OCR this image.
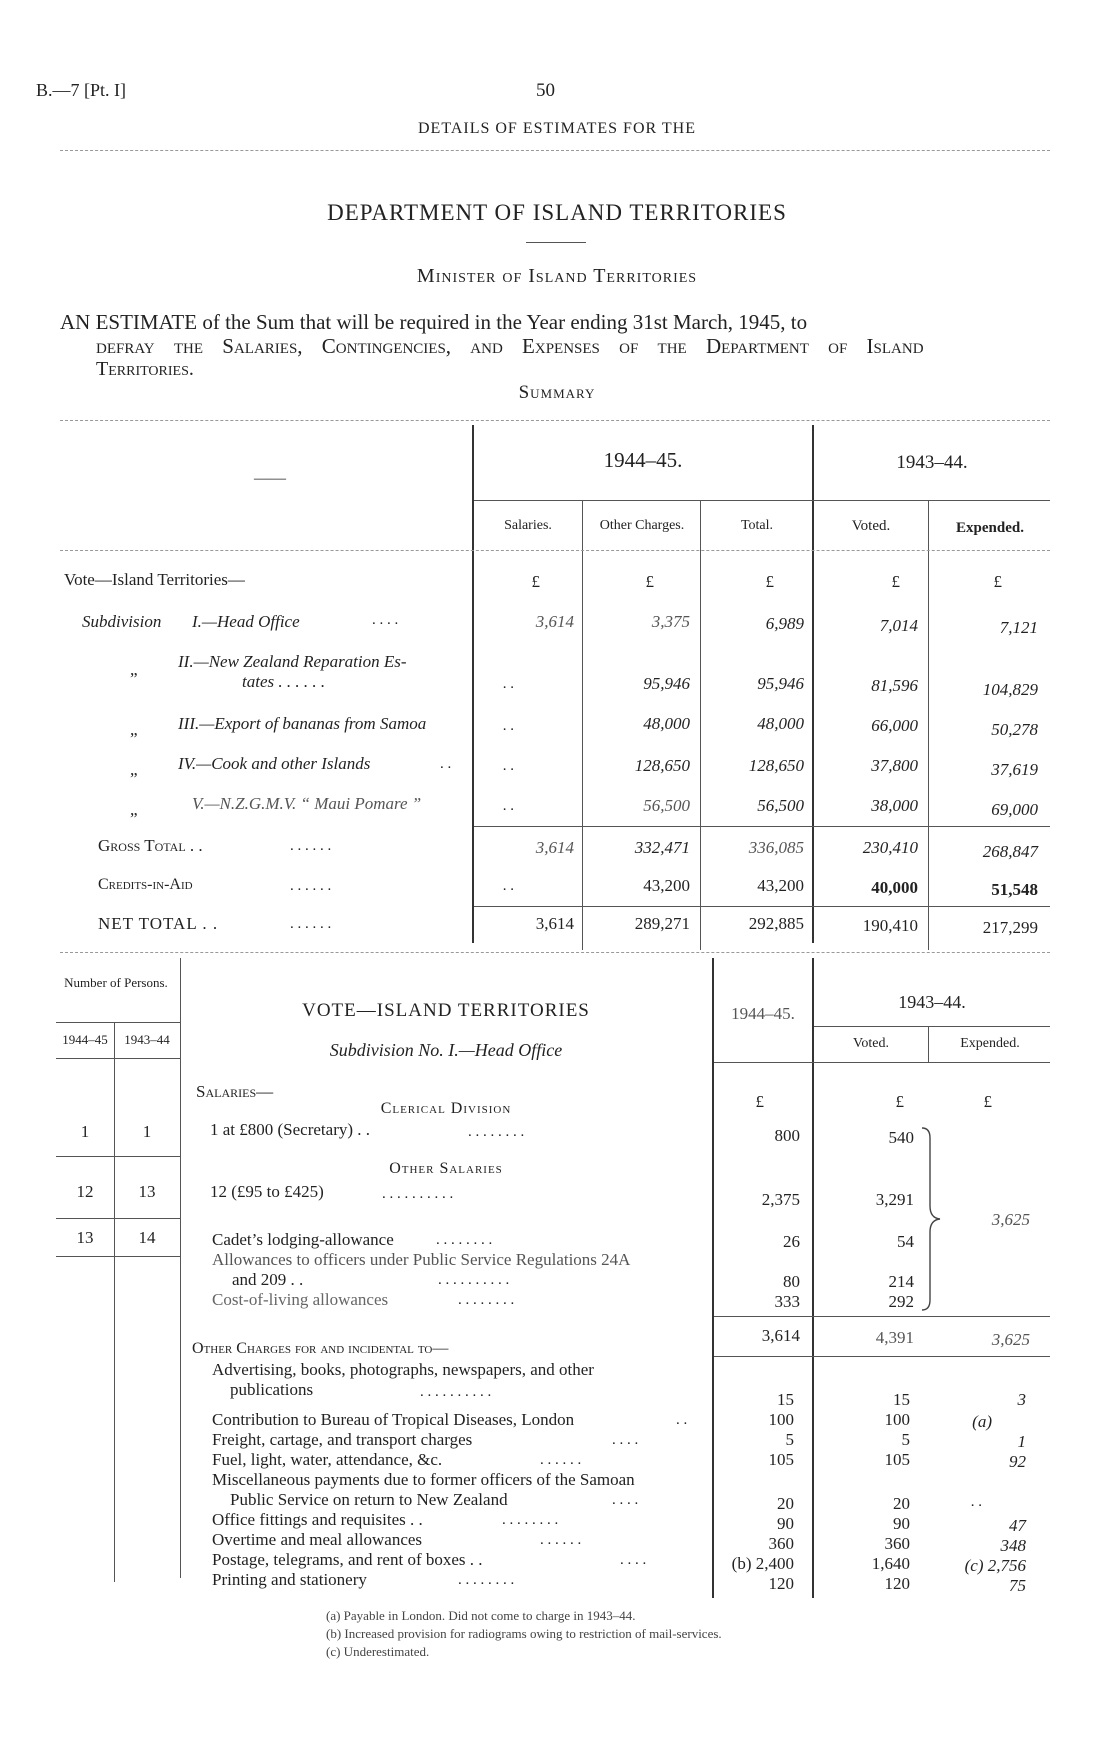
B.—7 [Pt. I]	50
DETAILS OF ESTIMATES FOR THE
DEPARTMENT OF ISLAND TERRITORIES
Minister of Island Territories
AN ESTIMATE of the Sum that will be required in the Year ending 31st March, 1945, to
defray the Salaries, Contingencies, and Expenses of the Department of Island
Territories.
Summary
——
1944–45.	1943–44.
Salaries.	Other Charges.	Total.	Voted.	Expended.
Vote—Island Territories—	£	£	£	£	£
Subdivision I.—Head Office	. . . .	3,614	3,375	6,989	7,014	7,121
„ II.—New Zealand Reparation Es-
tates . . . . . .	. .	95,946	95,946	81,596	104,829
„ III.—Export of bananas from Samoa	. .	48,000	48,000	66,000	50,278
„ IV.—Cook and other Islands	. .	. .	128,650	128,650	37,800	37,619
„	V.—N.Z.G.M.V. “ Maui Pomare ”	. .	56,500	56,500	38,000	69,000
Gross Total . .	. . . . . .	3,614	332,471	336,085	230,410	268,847
Credits-in-Aid	. . . . . .	. .	43,200	43,200	40,000	51,548
NET TOTAL . .	. . . . . .	3,614	289,271	292,885	190,410	217,299
Number of Persons.
1944–45	1943–44
VOTE—ISLAND TERRITORIES
Subdivision No. I.—Head Office
1944–45.
1943–44.
Voted.	Expended.
Salaries—
£	£	£
Clerical Division
1	1	1 at £800 (Secretary) . .	. . . . . . . .	800	540
Other Salaries
12	13	12 (£95 to £425)	. . . . . . . . . .	2,375	3,291
13	14	Cadet’s lodging-allowance	. . . . . . . .	26	54
Allowances to officers under Public Service Regulations 24A
and 209 . .	. . . . . . . . . .	80	214
Cost-of-living allowances	. . . . . . . .	333	292
3,625
3,614	4,391	3,625
Other Charges for and incidental to—
Advertising, books, photographs, newspapers, and other
publications	. . . . . . . . . .	15	15	3
Contribution to Bureau of Tropical Diseases, London	. .	100	100	(a)
Freight, cartage, and transport charges	. . . .	5	5	1
Fuel, light, water, attendance, &c.	. . . . . .	105	105	92
Miscellaneous payments due to former officers of the Samoan
Public Service on return to New Zealand	. . . .	20	20	. .
Office fittings and requisites . .	. . . . . . . .	90	90	47
Overtime and meal allowances	. . . . . .	360	360	348
Postage, telegrams, and rent of boxes . .	. . . .	(b) 2,400	1,640	(c) 2,756
Printing and stationery	. . . . . . . .	120	120	75
(a) Payable in London. Did not come to charge in 1943–44.
(b) Increased provision for radiograms owing to restriction of mail-services.
(c) Underestimated.
